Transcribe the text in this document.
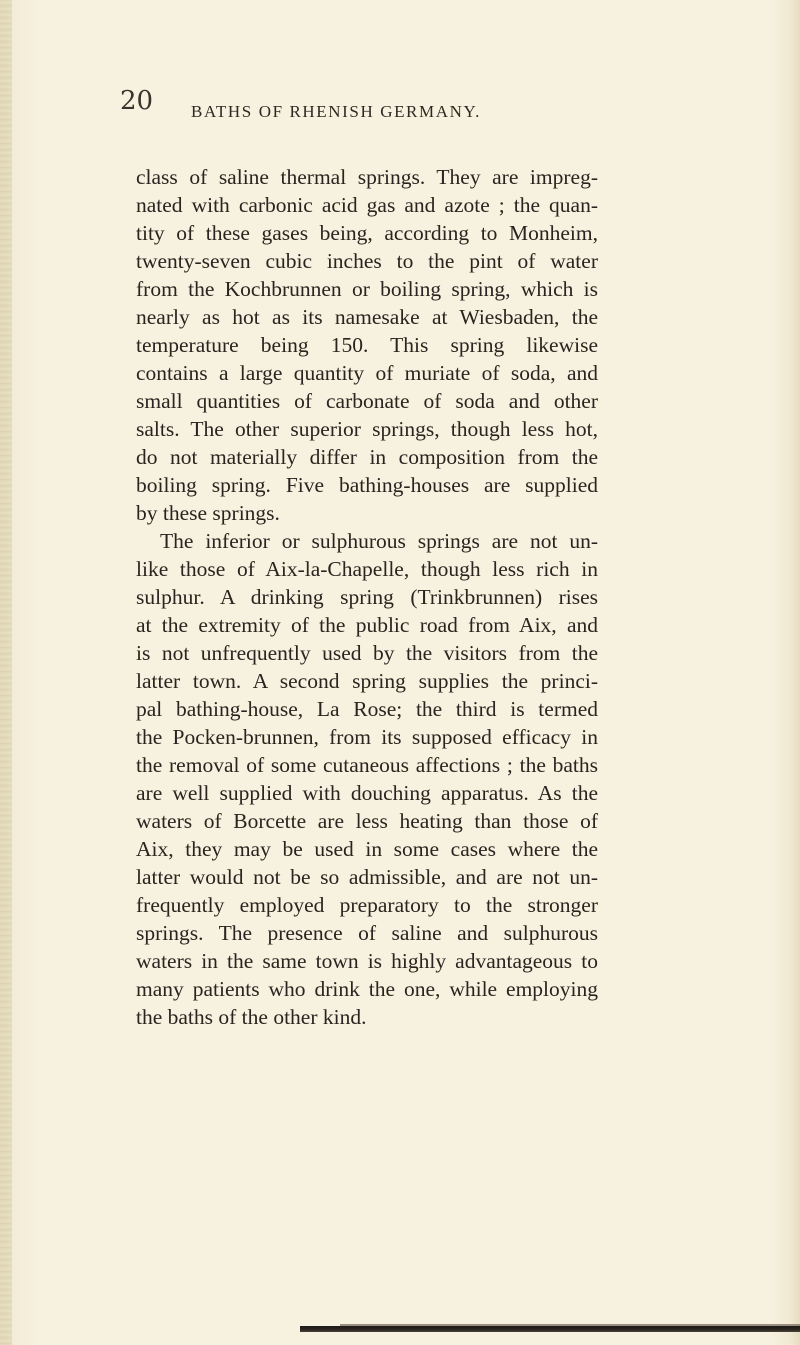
20 BATHS OF RHENISH GERMANY.
class of saline thermal springs. They are impreg-
nated with carbonic acid gas and azote ; the quan-
tity of these gases being, according to Monheim,
twenty-seven cubic inches to the pint of water
from the Kochbrunnen or boiling spring, which is
nearly as hot as its namesake at Wiesbaden, the
temperature being 150. This spring likewise
contains a large quantity of muriate of soda, and
small quantities of carbonate of soda and other
salts. The other superior springs, though less hot,
do not materially differ in composition from the
boiling spring. Five bathing-houses are supplied
by these springs.
The inferior or sulphurous springs are not un-
like those of Aix-la-Chapelle, though less rich in
sulphur. A drinking spring (Trinkbrunnen) rises
at the extremity of the public road from Aix, and
is not unfrequently used by the visitors from the
latter town. A second spring supplies the princi-
pal bathing-house, La Rose; the third is termed
the Pocken-brunnen, from its supposed efficacy in
the removal of some cutaneous affections ; the baths
are well supplied with douching apparatus. As the
waters of Borcette are less heating than those of
Aix, they may be used in some cases where the
latter would not be so admissible, and are not un-
frequently employed preparatory to the stronger
springs. The presence of saline and sulphurous
waters in the same town is highly advantageous to
many patients who drink the one, while employing
the baths of the other kind.
